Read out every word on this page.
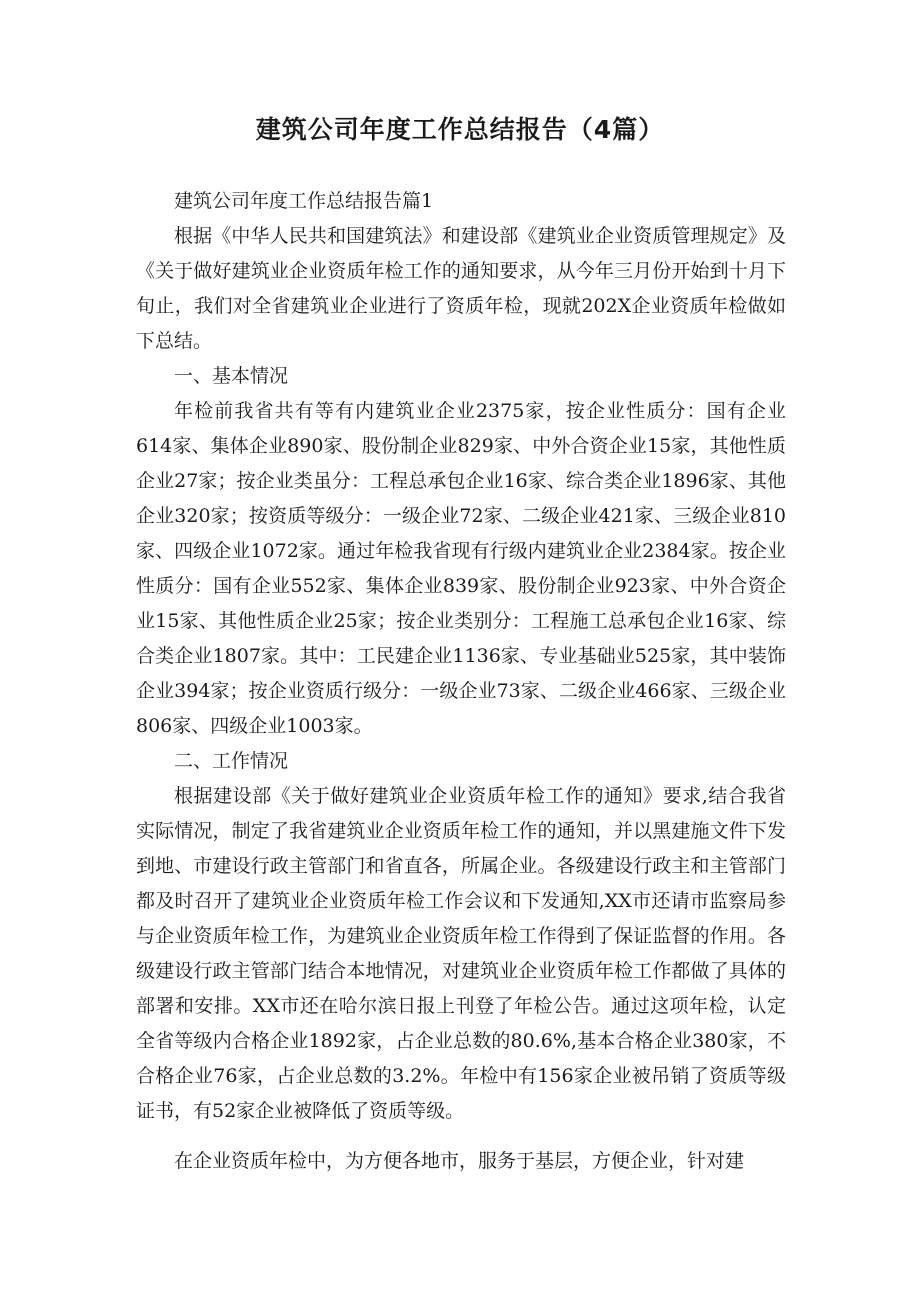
建筑公司年度工作总结报告（4篇）

建筑公司年度工作总结报告篇1

根据《中华人民共和国建筑法》和建设部《建筑业企业资质管理规定》及《关于做好建筑业企业资质年检工作的通知要求，从今年三月份开始到十月下旬止，我们对全省建筑业企业进行了资质年检，现就202X企业资质年检做如下总结。

一、基本情况

年检前我省共有等有内建筑业企业2375家，按企业性质分：国有企业614家、集体企业890家、股份制企业829家、中外合资企业15家，其他性质企业27家；按企业类虽分：工程总承包企业16家、综合类企业1896家、其他企业320家；按资质等级分：一级企业72家、二级企业421家、三级企业810家、四级企业1072家。通过年检我省现有行级内建筑业企业2384家。按企业性质分：国有企业552家、集体企业839家、股份制企业923家、中外合资企业15家、其他性质企业25家；按企业类别分：工程施工总承包企业16家、综合类企业1807家。其中：工民建企业1136家、专业基础业525家，其中装饰企业394家；按企业资质行级分：一级企业73家、二级企业466家、三级企业806家、四级企业1003家。

二、工作情况

根据建设部《关于做好建筑业企业资质年检工作的通知》要求,结合我省实际情况，制定了我省建筑业企业资质年检工作的通知，并以黑建施文件下发到地、市建设行政主管部门和省直各，所属企业。各级建设行政主和主管部门都及时召开了建筑业企业资质年检工作会议和下发通知,XX市还请市监察局参与企业资质年检工作，为建筑业企业资质年检工作得到了保证监督的作用。各级建设行政主管部门结合本地情况，对建筑业企业资质年检工作都做了具体的部署和安排。XX市还在哈尔滨日报上刊登了年检公告。通过这项年检，认定全省等级内合格企业1892家，占企业总数的80.6%,基本合格企业380家，不合格企业76家，占企业总数的3.2%。年检中有156家企业被吊销了资质等级证书，有52家企业被降低了资质等级。

在企业资质年检中，为方便各地市，服务于基层，方便企业，针对建
